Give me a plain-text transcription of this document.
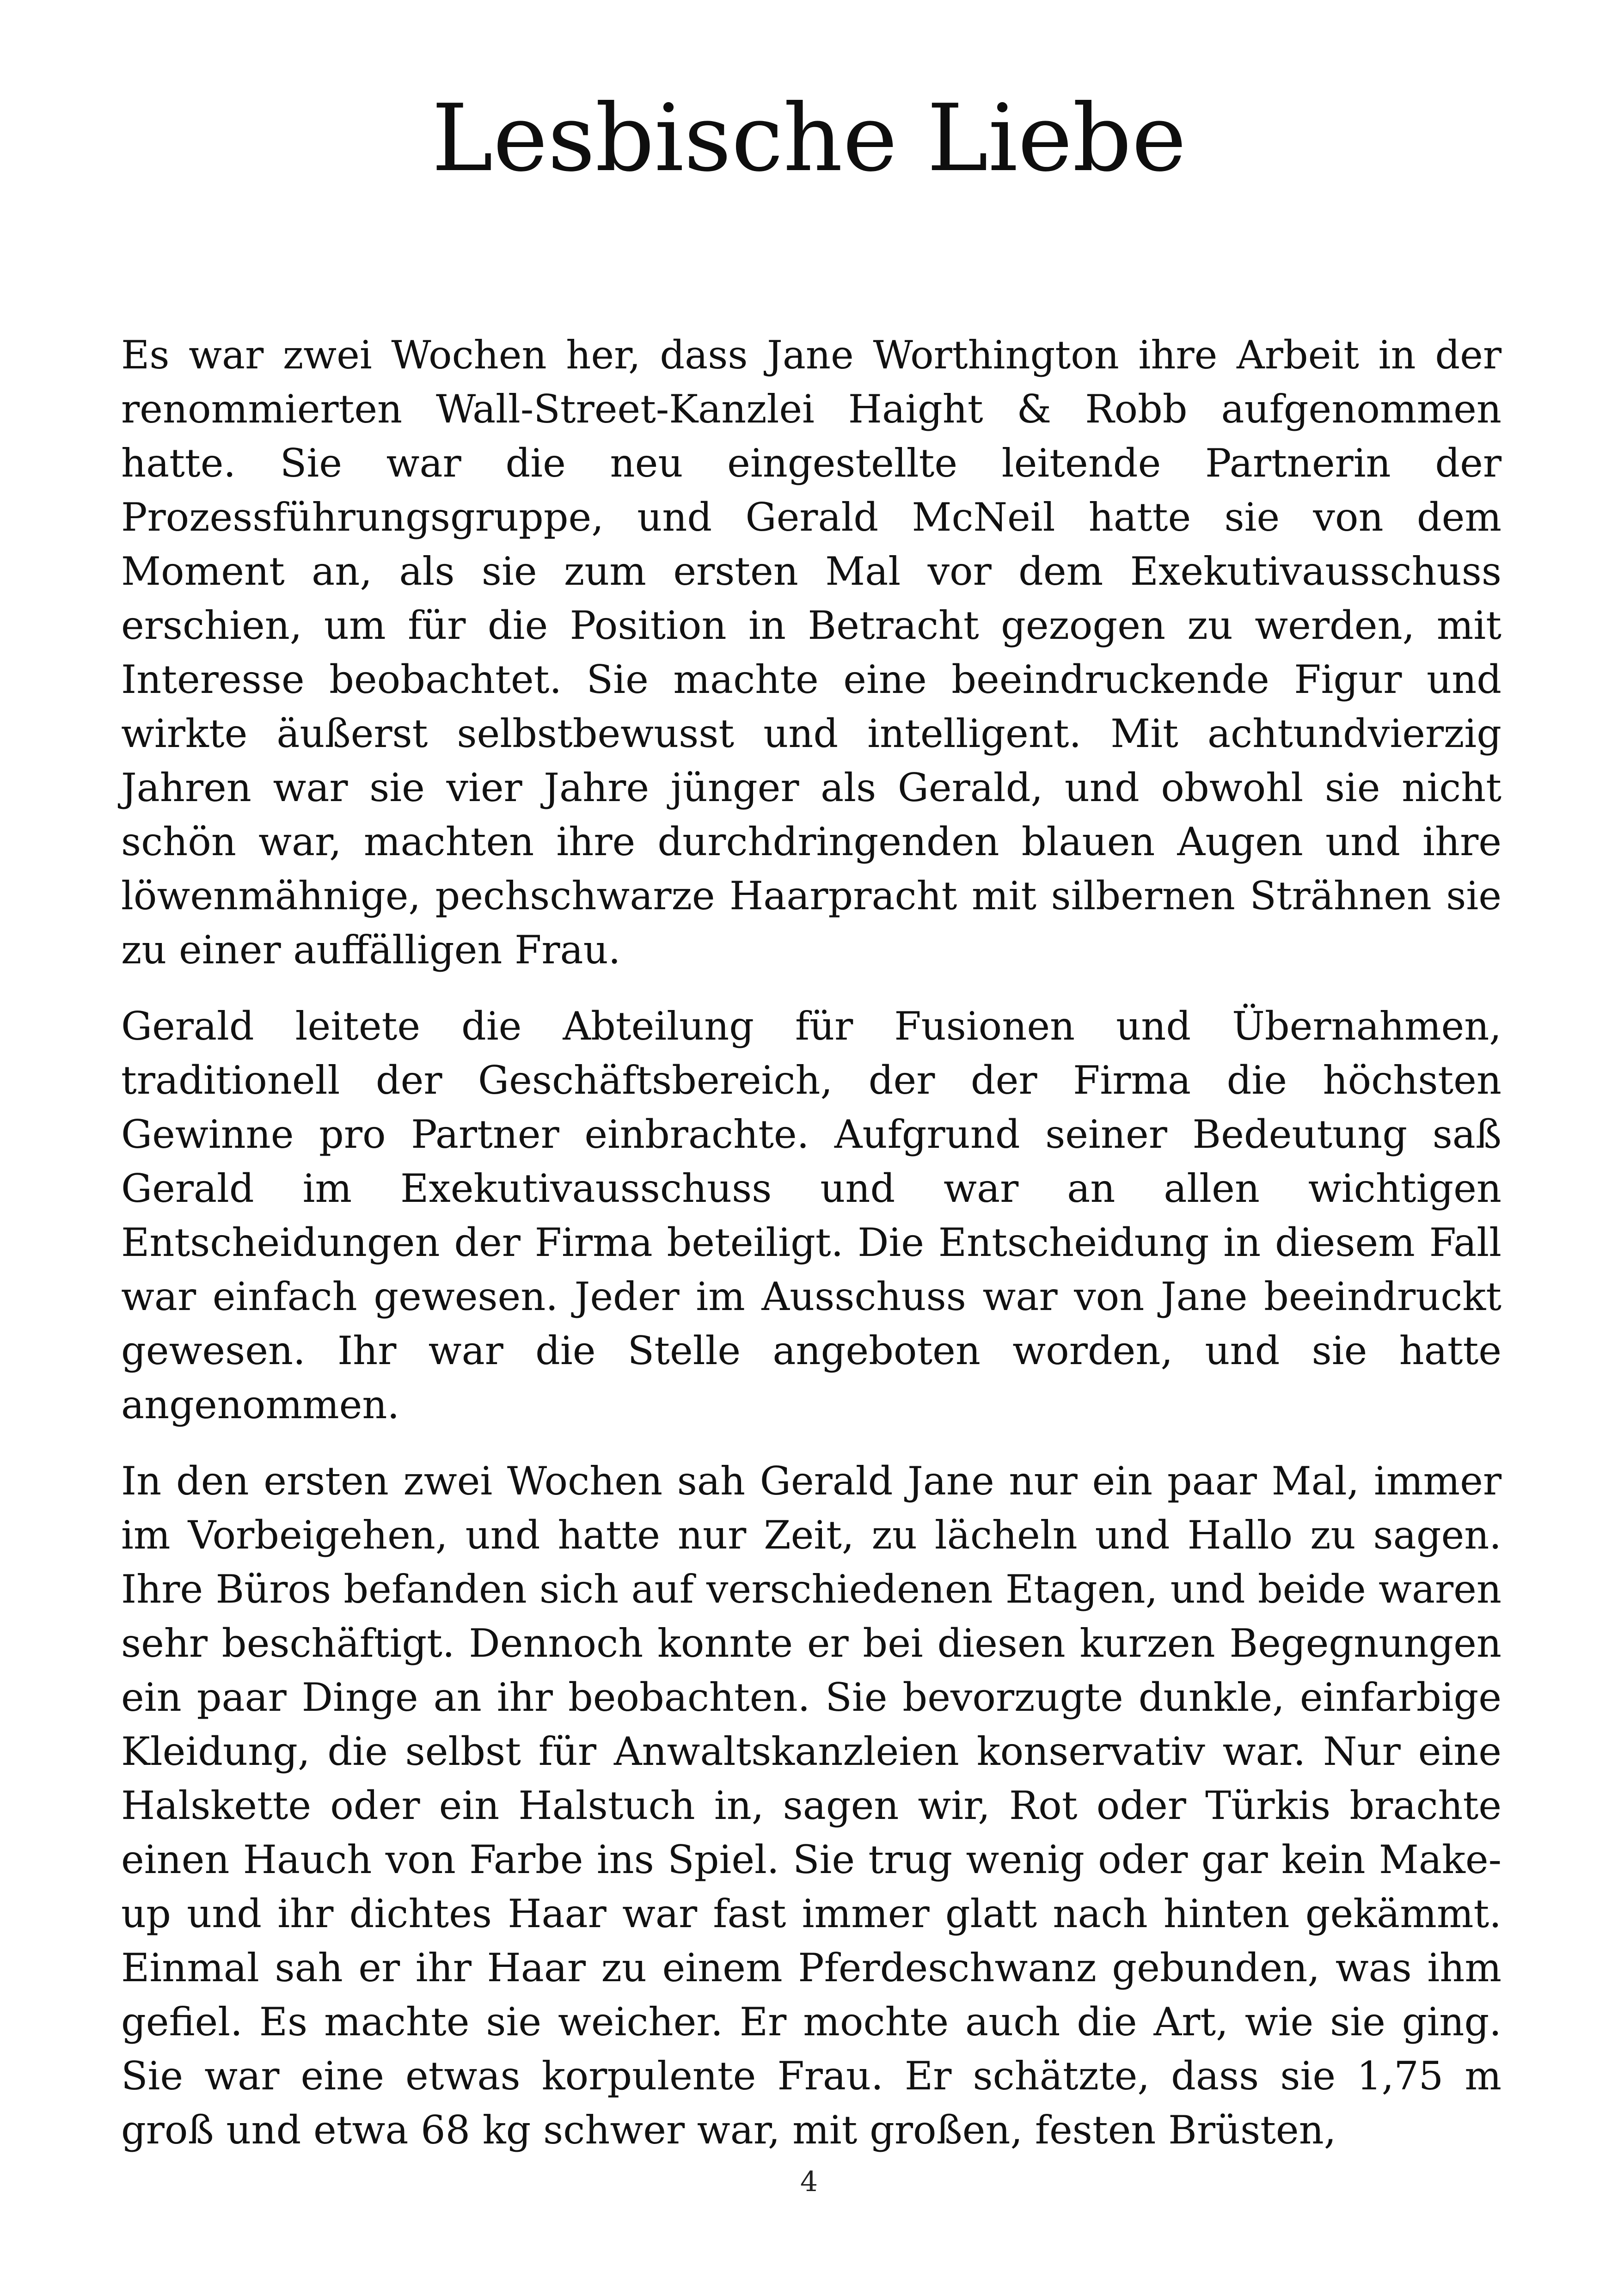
Lesbische Liebe

Es war zwei Wochen her, dass Jane Worthington ihre Arbeit in der renommierten Wall-Street-Kanzlei Haight & Robb aufgenommen hatte. Sie war die neu eingestellte leitende Partnerin der Prozessführungsgruppe, und Gerald McNeil hatte sie von dem Moment an, als sie zum ersten Mal vor dem Exekutivausschuss erschien, um für die Position in Betracht gezogen zu werden, mit Interesse beobachtet. Sie machte eine beeindruckende Figur und wirkte äußerst selbstbewusst und intelligent. Mit achtundvierzig Jahren war sie vier Jahre jünger als Gerald, und obwohl sie nicht schön war, machten ihre durchdringenden blauen Augen und ihre löwenmähnige, pechschwarze Haarpracht mit silbernen Strähnen sie zu einer auffälligen Frau.

Gerald leitete die Abteilung für Fusionen und Übernahmen, traditionell der Geschäftsbereich, der der Firma die höchsten Gewinne pro Partner einbrachte. Aufgrund seiner Bedeutung saß Gerald im Exekutivausschuss und war an allen wichtigen Entscheidungen der Firma beteiligt. Die Entscheidung in diesem Fall war einfach gewesen. Jeder im Ausschuss war von Jane beeindruckt gewesen. Ihr war die Stelle angeboten worden, und sie hatte angenommen.

In den ersten zwei Wochen sah Gerald Jane nur ein paar Mal, immer im Vorbeigehen, und hatte nur Zeit, zu lächeln und Hallo zu sagen. Ihre Büros befanden sich auf verschiedenen Etagen, und beide waren sehr beschäftigt. Dennoch konnte er bei diesen kurzen Begegnungen ein paar Dinge an ihr beobachten. Sie bevorzugte dunkle, einfarbige Kleidung, die selbst für Anwaltskanzleien konservativ war. Nur eine Halskette oder ein Halstuch in, sagen wir, Rot oder Türkis brachte einen Hauch von Farbe ins Spiel. Sie trug wenig oder gar kein Make-up und ihr dichtes Haar war fast immer glatt nach hinten gekämmt. Einmal sah er ihr Haar zu einem Pferdeschwanz gebunden, was ihm gefiel. Es machte sie weicher. Er mochte auch die Art, wie sie ging. Sie war eine etwas korpulente Frau. Er schätzte, dass sie 1,75 m groß und etwa 68 kg schwer war, mit großen, festen Brüsten,

4
